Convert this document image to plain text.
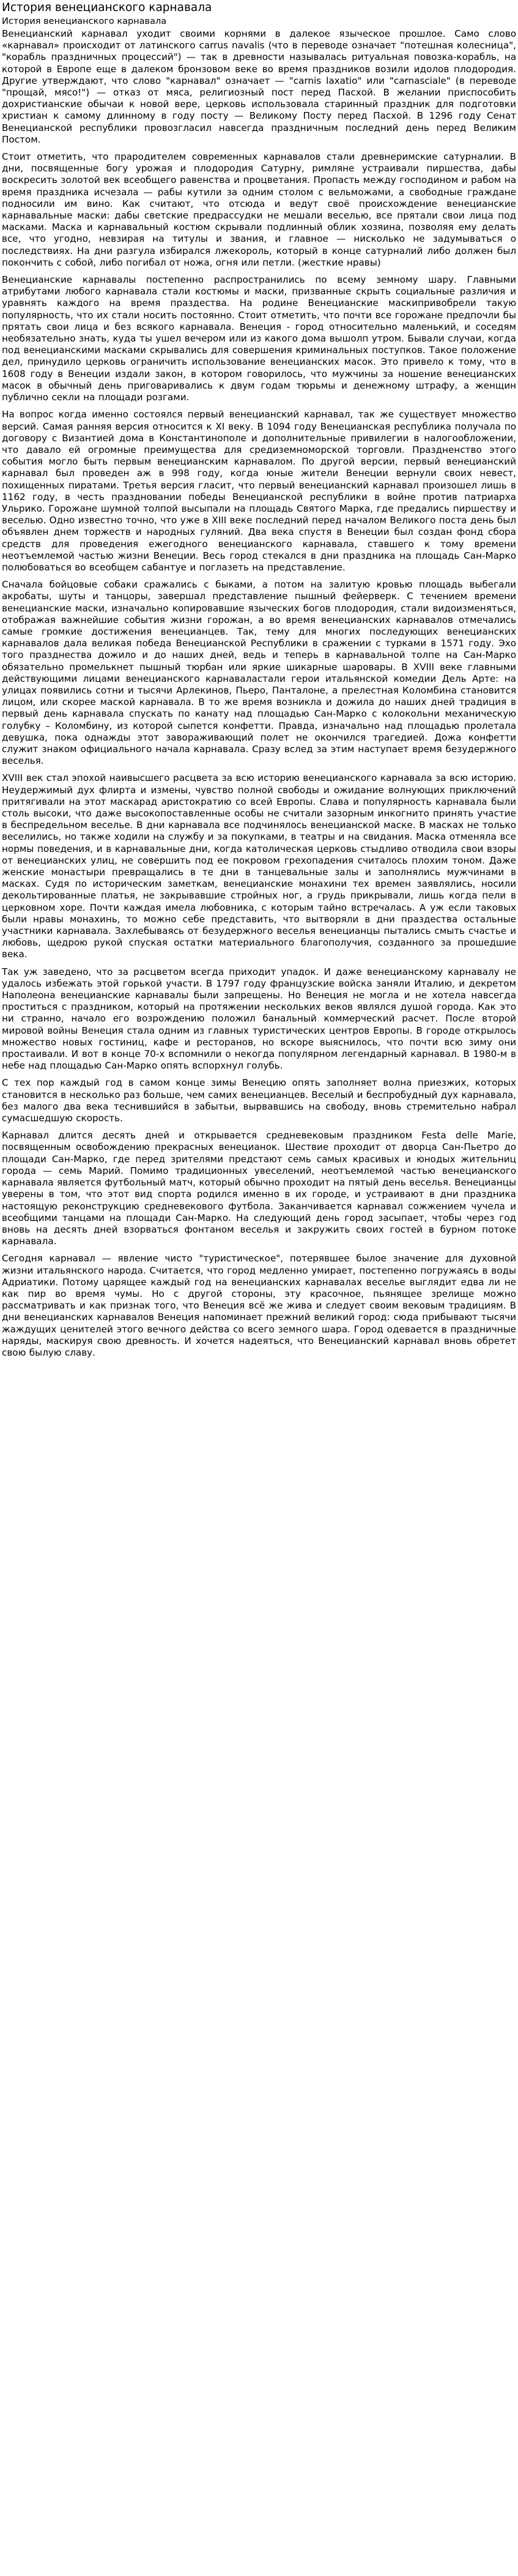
История венецианского карнавала
История венецианского карнавала

Венецианский карнавал уходит своими корнями в далекое языческое прошлое. Само слово «карнавал» происходит от латинского carrus navalis (что в переводе означает "потешная колесница", "корабль праздничных процессий") — так в древности называлась ритуальная повозка-корабль, на которой в Европе еще в далеком бронзовом веке во время праздников возили идолов плодородия. Другие утверждают, что слово "карнавал" означает — "carnis laxatio" или "carnasciale" (в переводе "прощай, мясо!") — отказ от мяса, религиозный пост перед Пасхой. В желании приспособить дохристианские обычаи к новой вере, церковь использовала старинный праздник для подготовки христиан к самому длинному в году посту — Великому Посту перед Пасхой. В 1296 году Сенат Венецианской республики провозгласил навсегда праздничным последний день перед Великим Постом.

Стоит отметить, что прародителем современных карнавалов стали древнеримские сатурналии. В дни, посвященные богу урожая и плодородия Сатурну, римляне устраивали пиршества, дабы воскресить золотой век всеобщего равенства и процветания. Пропасть между господином и рабом на время праздника исчезала — рабы кутили за одним столом с вельможами, а свободные граждане подносили им вино. Как считают, что отсюда и ведут своё происхождение венецианские карнавальные маски: дабы светские предрассудки не мешали веселью, все прятали свои лица под масками. Маска и карнавальный костюм скрывали подлинный облик хозяина, позволяя ему делать все, что угодно, невзирая на титулы и звания, и главное — нисколько не задумываться о последствиях. На дни разгула избирался лжекороль, который в конце сатурналий либо должен был покончить с собой, либо погибал от ножа, огня или петли. (жесткие нравы)

Венецианские карнавалы постепенно распространились по всему земному шару. Главными атрибутами любого карнавала стали костюмы и маски, призванные скрыть социальные различия и уравнять каждого на время праздества. На родине Венецианские маскипривобрели такую популярность, что их стали носить постоянно. Стоит отметить, что почти все горожане предпочли бы прятать свои лица и без всякого карнавала. Венеция - город относительно маленький, и соседям необязательно знать, куда ты ушел вечером или из какого дома вышолп утром. Бывали случаи, когда под венецианскими масками скрывались для совершения криминальных поступков. Такое положение дел, принудило церковь ограничить использование венецианских масок. Это привело к тому, что в 1608 году в Венеции издали закон, в котором говорилось, что мужчины за ношение венецианских масок в обычный день приговаривались к двум годам тюрьмы и денежному штрафу, а женщин публично секли на площади розгами.

На вопрос когда именно состоялся первый венецианский карнавал, так же существует множество версий. Самая ранняя версия относится к XI веку. В 1094 году Венецианская республика получала по договору с Византией дома в Константинополе и дополнительные привилегии в налогообложении, что давало ей огромные преимущества для средиземноморской торговли. Праздненство этого события могло быть первым венецианским карнавалом. По другой версии, первый венецианский карнавал был проведен аж в 998 году, когда юные жители Венеции вернули своих невест, похищенных пиратами. Третья версия гласит, что первый венецианский карнавал произошел лишь в 1162 году, в честь праздновании победы Венецианской республики в войне против патриарха Ульрико. Горожане шумной толпой высыпали на площадь Святого Марка, где предались пиршеству и веселью. Одно известно точно, что уже в XIII веке последний перед началом Великого поста день был объявлен днем торжеств и народных гуляний. Два века спустя в Венеции был создан фонд сбора средств для проведения ежегодного венецианского карнавала, ставшего к тому времени неотъемлемой частью жизни Венеции. Весь город стекался в дни праздника на площадь Сан-Марко полюбоваться во всеобщем сабантуе и поглазеть на представление.

Сначала бойцовые собаки сражались с быками, а потом на залитую кровью площадь выбегали акробаты, шуты и танцоры, завершал представление пышный фейерверк. С течением времени венецианские маски, изначально копировавшие языческих богов плодородия, стали видоизменяться, отображая важнейшие события жизни горожан, а во время венецианских карнавалов отмечались самые громкие достижения венецианцев. Так, тему для многих последующих венецианских карнавалов дала великая победа Венецианской Республики в сражении с турками в 1571 году. Эхо того празднества дожило и до наших дней, ведь и теперь в карнавальной толпе на Сан-Марко обязательно промелькнет пышный тюрбан или яркие шикарные шаровары. В XVIII веке главными действующими лицами венецианского карнавалаcтали герои итальянской комедии Дель Арте: на улицах появились сотни и тысячи Арлекинов, Пьеро, Панталоне, а прелестная Коломбина становится лицом, или скорее маской карнавала. В то же время возникла и дожила до наших дней традиция в первый день карнавала спускать по канату над площадью Сан-Марко с колокольни механическую голубку – Коломбину, из которой сыпется конфетти. Правда, изначально над площадью пролетала девушка, пока однажды этот завораживающий полет не окончился трагедией. Дожа конфетти служит знаком официального начала карнавала. Сразу вслед за этим наступает время безудержного веселья.

XVIII век стал эпохой наивысшего расцвета за всю историю венецианского карнавала за всю историю. Неудержимый дух флирта и измены, чувство полной свободы и ожидание волнующих приключений притягивали на этот маскарад аристократию со всей Европы. Слава и популярность карнавала были столь высоки, что даже высокопоставленные особы не считали зазорным инкогнито принять участие в беспредельном веселье. В дни карнавала все подчинялось венецианской маске. В масках не только веселились, но также ходили на службу и за покупками, в театры и на свидания. Маска отменяла все нормы поведения, и в карнавальные дни, когда католическая церковь стыдливо отводила свои взоры от венецианских улиц, не совершить под ее покровом грехопадения считалось плохим тоном. Даже женские монастыри превращались в те дни в танцевальные залы и заполнялись мужчинами в масках. Судя по историческим заметкам, венецианские монахини тех времен заявлялись, носили декольтированные платья, не закрывавшие стройных ног, а грудь прикрывали, лишь когда пели в церковном хоре. Почти каждая имела любовника, с которым тайно встречалась. А уж если таковых были нравы монахинь, то можно себе представить, что вытворяли в дни праздества остальные участники карнавала. Захлебываясь от безудержного веселья венецианцы пытались смыть счастье и любовь, щедрою рукой спуская остатки материального благополучия, созданного за прошедшие века.

Так уж заведено, что за расцветом всегда приходит упадок. И даже венецианскому карнавалу не удалось избежать этой горькой участи. В 1797 году французские войска заняли Италию, и декретом Наполеона венецианские карнавалы были запрещены. Но Венеция не могла и не хотела навсегда проститься с праздником, который на протяжении нескольких веков являлся душой города. Как это ни странно, начало его возрождению положил банальный коммерческий расчет. После второй мировой войны Венеция стала одним из главных туристических центров Европы. В городе открылось множество новых гостиниц, кафе и ресторанов, но вскоре выяснилось, что почти всю зиму они простаивали. И вот в конце 70-х вспомнили о некогда популярном легендарный карнавал. В 1980-м в небе над площадью Сан-Марко опять вспорхнул голубь.

С тех пор каждый год в самом конце зимы Венецию опять заполняет волна приезжих, которых становится в несколько раз больше, чем самих венецианцев. Веселый и беспробудный дух карнавала, без малого два века теснившийся в забытьи, вырвавшись на свободу, вновь стремительно набрал сумасшедшую скорость.

Карнавал длится десять дней и открывается средневековым праздником Festa delle Marie, посвященным освобождению прекрасных венецианок. Шествие проходит от дворца Сан-Пьетро до площади Сан-Марко, где перед зрителями предстают семь самых красивых и юнодых жительниц города — семь Марий. Помимо традиционных увеселений, неотъемлемой частью венецианского карнавала является футбольный матч, который обычно проходит на пятый день веселья. Венецианцы уверены в том, что этот вид спорта родился именно в их городе, и устраивают в дни праздника настоящую реконструкцию средневекового футбола. Заканчивается карнавал сожжением чучела и всеобщими танцами на площади Сан-Марко. На следующий день город засыпает, чтобы через год вновь на десять дней взорваться фонтаном веселья и закружить своих гостей в бурном потоке карнавала.

Сегодня карнавал — явление чисто "туристическое", потерявшее былое значение для духовной жизни итальянского народа. Считается, что город медленно умирает, постепенно погружаясь в воды Адриатики. Потому царящее каждый год на венецианских карнавалах веселье выглядит едва ли не как пир во время чумы. Но с другой стороны, эту красочное, пьянящее зрелище можно рассматривать и как признак того, что Венеция всё же жива и следует своим вековым традициям. В дни венецианских карнавалов Венеция напоминает прежний великий город: сюда прибывают тысячи жаждущих ценителей этого вечного действа со всего земного шара. Город одевается в праздничные наряды, маскируя свою древность. И хочется надеяться, что Венецианский карнавал вновь обретет свою былую славу.
